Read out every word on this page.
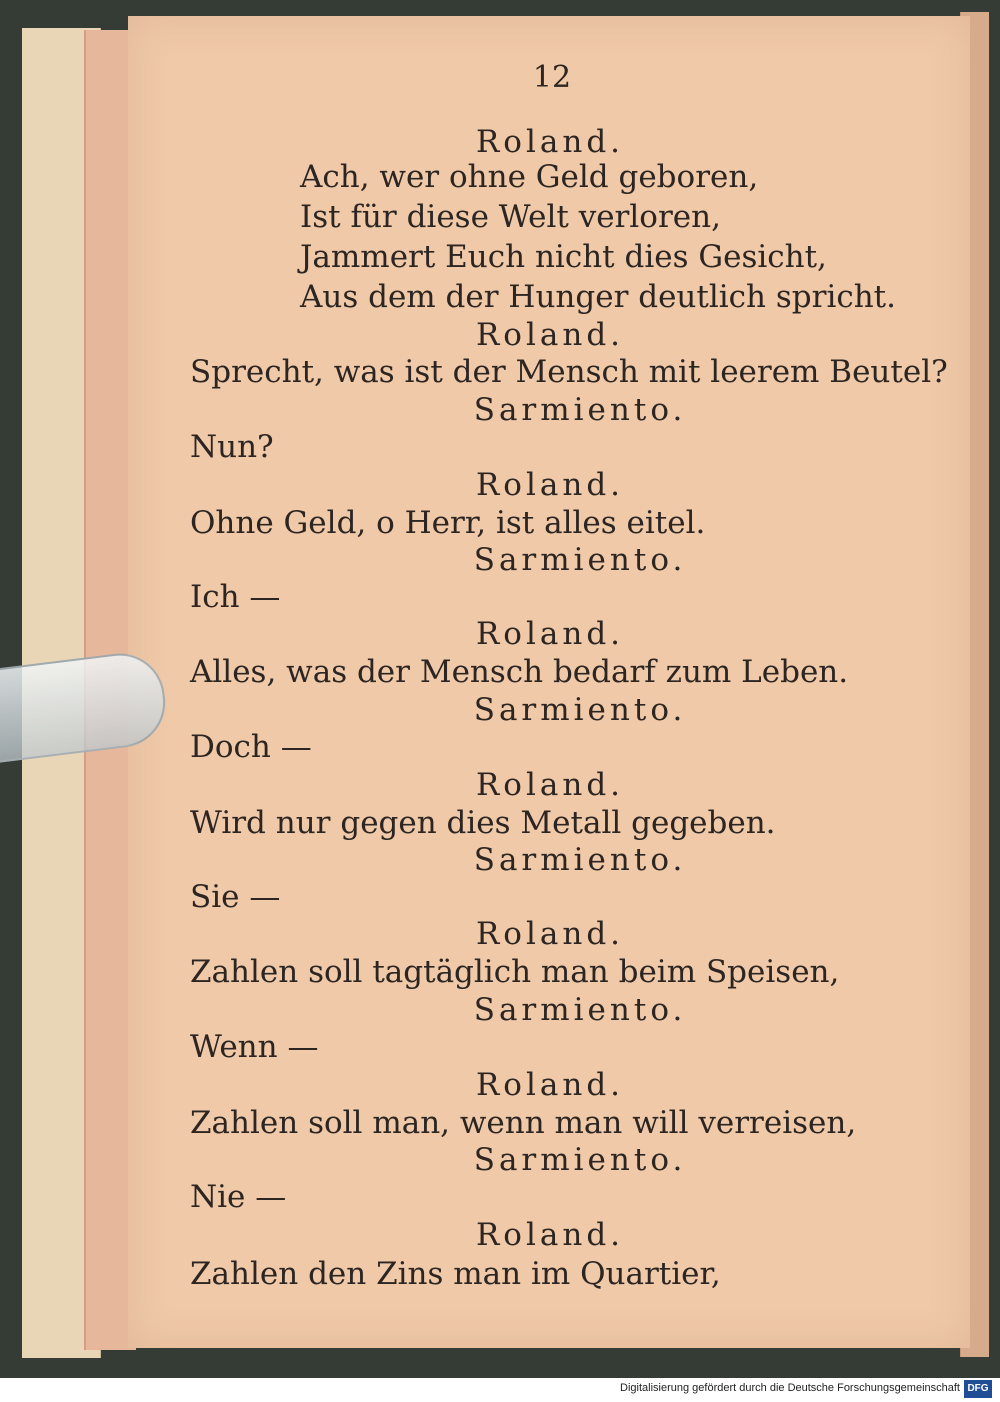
12
Roland.
Ach, wer ohne Geld geboren,
Ist für diese Welt verloren,
Jammert Euch nicht dies Gesicht,
Aus dem der Hunger deutlich spricht.
Roland.
Sprecht, was ist der Mensch mit leerem Beutel?
Sarmiento.
Nun?
Roland.
Ohne Geld, o Herr, ist alles eitel.
Sarmiento.
Ich —
Roland.
Alles, was der Mensch bedarf zum Leben.
Sarmiento.
Doch —
Roland.
Wird nur gegen dies Metall gegeben.
Sarmiento.
Sie —
Roland.
Zahlen soll tagtäglich man beim Speisen,
Sarmiento.
Wenn —
Roland.
Zahlen soll man, wenn man will verreisen,
Sarmiento.
Nie —
Roland.
Zahlen den Zins man im Quartier,
Digitalisierung gefördert durch die Deutsche Forschungsgemeinschaft DFG
